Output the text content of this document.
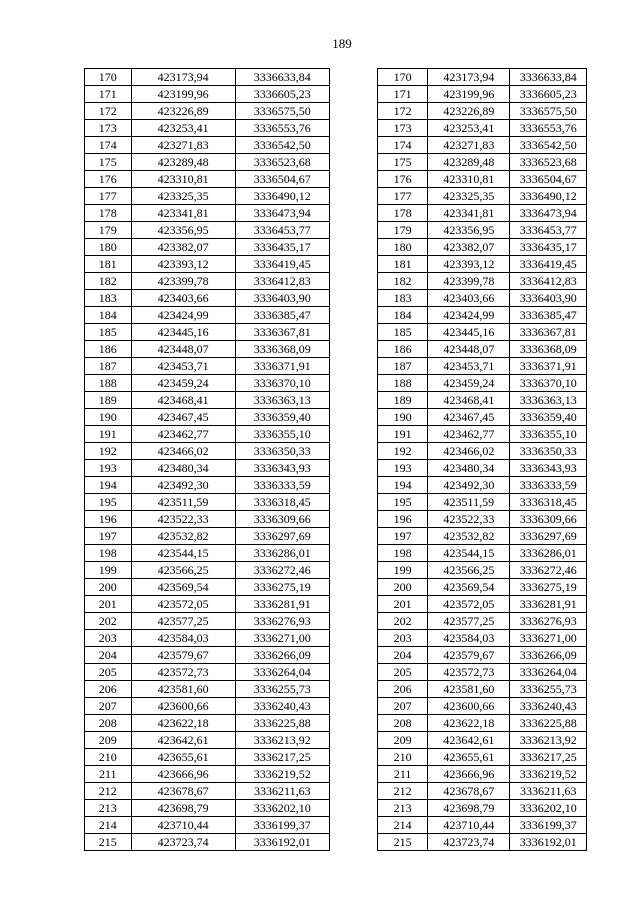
189
170	423173,94	3336633,84
171	423199,96	3336605,23
172	423226,89	3336575,50
173	423253,41	3336553,76
174	423271,83	3336542,50
175	423289,48	3336523,68
176	423310,81	3336504,67
177	423325,35	3336490,12
178	423341,81	3336473,94
179	423356,95	3336453,77
180	423382,07	3336435,17
181	423393,12	3336419,45
182	423399,78	3336412,83
183	423403,66	3336403,90
184	423424,99	3336385,47
185	423445,16	3336367,81
186	423448,07	3336368,09
187	423453,71	3336371,91
188	423459,24	3336370,10
189	423468,41	3336363,13
190	423467,45	3336359,40
191	423462,77	3336355,10
192	423466,02	3336350,33
193	423480,34	3336343,93
194	423492,30	3336333,59
195	423511,59	3336318,45
196	423522,33	3336309,66
197	423532,82	3336297,69
198	423544,15	3336286,01
199	423566,25	3336272,46
200	423569,54	3336275,19
201	423572,05	3336281,91
202	423577,25	3336276,93
203	423584,03	3336271,00
204	423579,67	3336266,09
205	423572,73	3336264,04
206	423581,60	3336255,73
207	423600,66	3336240,43
208	423622,18	3336225,88
209	423642,61	3336213,92
210	423655,61	3336217,25
211	423666,96	3336219,52
212	423678,67	3336211,63
213	423698,79	3336202,10
214	423710,44	3336199,37
215	423723,74	3336192,01
170	423173,94	3336633,84
171	423199,96	3336605,23
172	423226,89	3336575,50
173	423253,41	3336553,76
174	423271,83	3336542,50
175	423289,48	3336523,68
176	423310,81	3336504,67
177	423325,35	3336490,12
178	423341,81	3336473,94
179	423356,95	3336453,77
180	423382,07	3336435,17
181	423393,12	3336419,45
182	423399,78	3336412,83
183	423403,66	3336403,90
184	423424,99	3336385,47
185	423445,16	3336367,81
186	423448,07	3336368,09
187	423453,71	3336371,91
188	423459,24	3336370,10
189	423468,41	3336363,13
190	423467,45	3336359,40
191	423462,77	3336355,10
192	423466,02	3336350,33
193	423480,34	3336343,93
194	423492,30	3336333,59
195	423511,59	3336318,45
196	423522,33	3336309,66
197	423532,82	3336297,69
198	423544,15	3336286,01
199	423566,25	3336272,46
200	423569,54	3336275,19
201	423572,05	3336281,91
202	423577,25	3336276,93
203	423584,03	3336271,00
204	423579,67	3336266,09
205	423572,73	3336264,04
206	423581,60	3336255,73
207	423600,66	3336240,43
208	423622,18	3336225,88
209	423642,61	3336213,92
210	423655,61	3336217,25
211	423666,96	3336219,52
212	423678,67	3336211,63
213	423698,79	3336202,10
214	423710,44	3336199,37
215	423723,74	3336192,01
